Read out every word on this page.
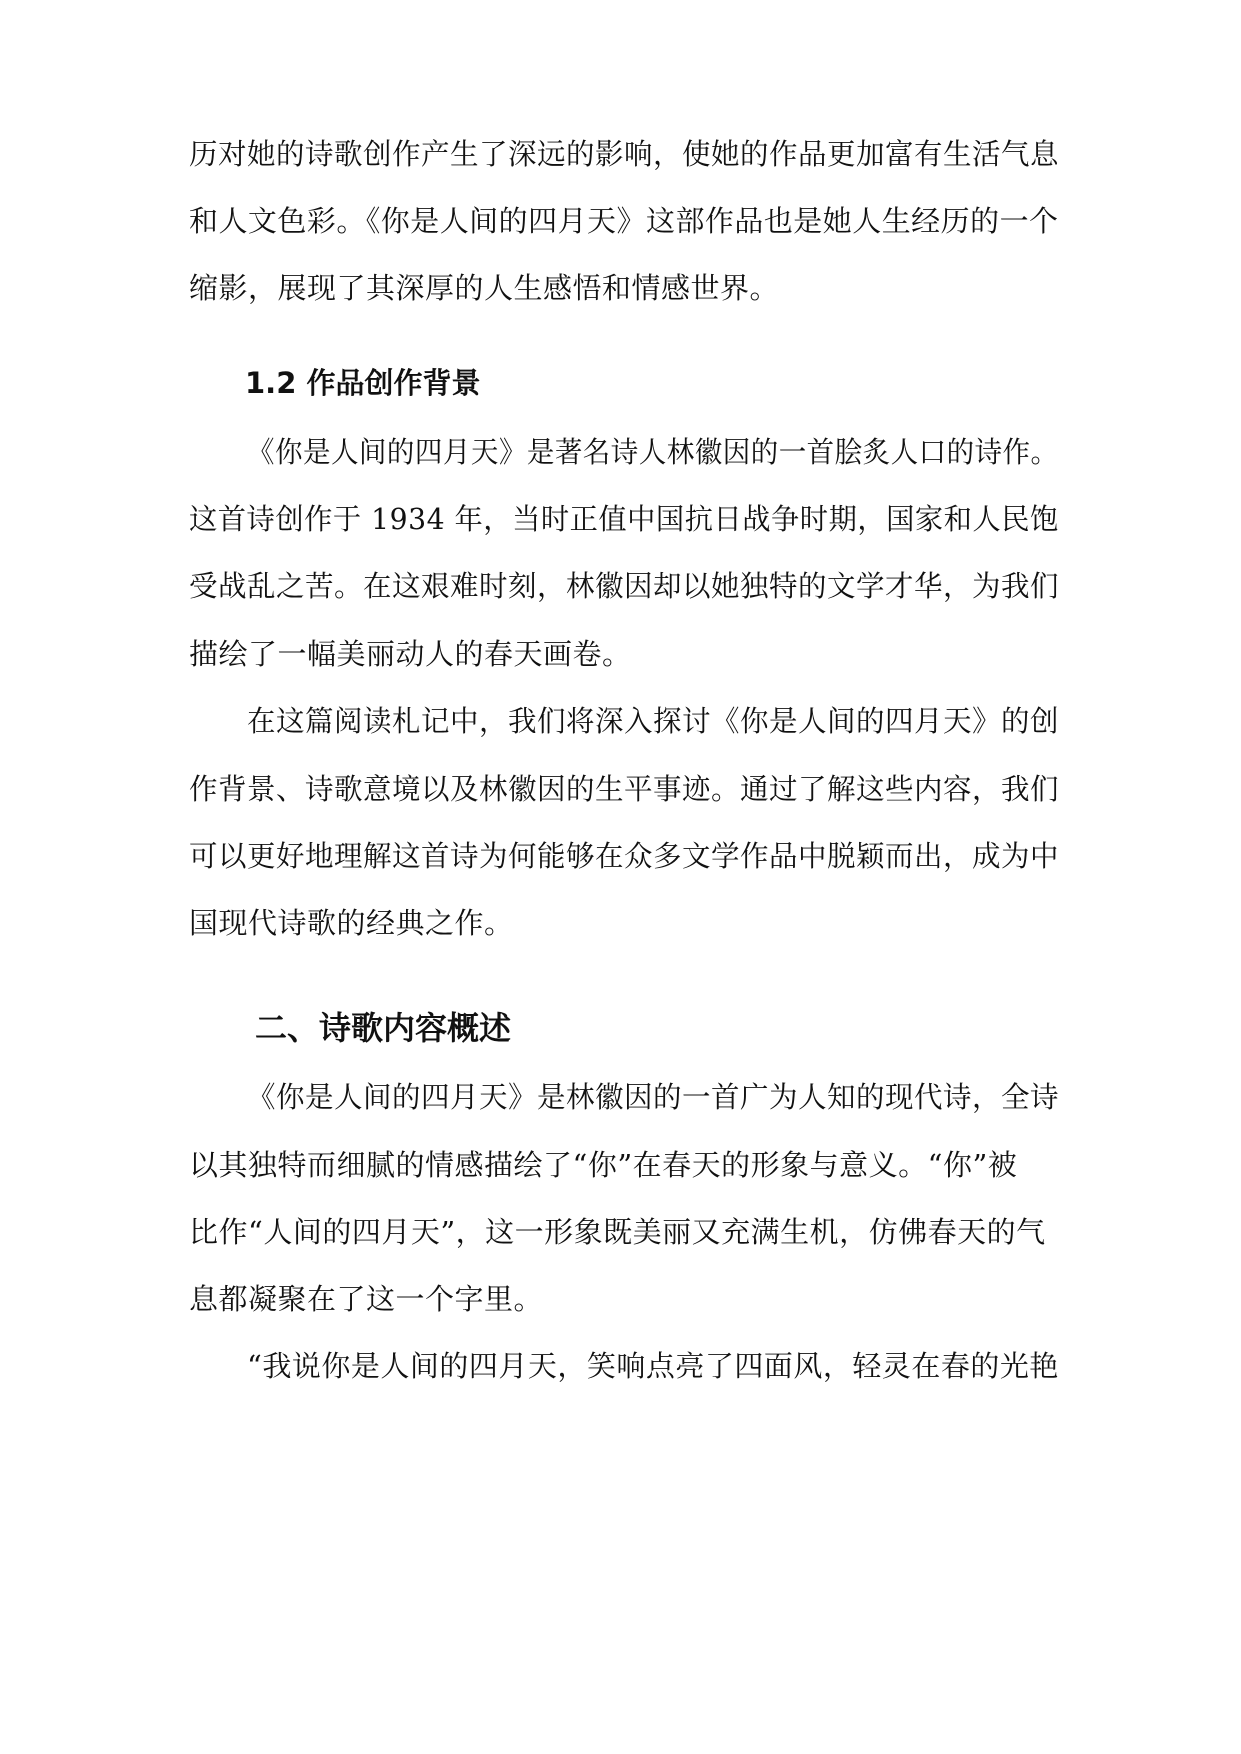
历对她的诗歌创作产生了深远的影响，使她的作品更加富有生活气息
和人文色彩。《你是人间的四月天》这部作品也是她人生经历的一个
缩影，展现了其深厚的人生感悟和情感世界。
1.2 作品创作背景
《你是人间的四月天》是著名诗人林徽因的一首脍炙人口的诗作。
这首诗创作于 1934 年，当时正值中国抗日战争时期，国家和人民饱
受战乱之苦。在这艰难时刻，林徽因却以她独特的文学才华，为我们
描绘了一幅美丽动人的春天画卷。
在这篇阅读札记中，我们将深入探讨《你是人间的四月天》的创
作背景、诗歌意境以及林徽因的生平事迹。通过了解这些内容，我们
可以更好地理解这首诗为何能够在众多文学作品中脱颖而出，成为中
国现代诗歌的经典之作。
二、诗歌内容概述
《你是人间的四月天》是林徽因的一首广为人知的现代诗，全诗
以其独特而细腻的情感描绘了“你”在春天的形象与意义。“你”被
比作“人间的四月天”，这一形象既美丽又充满生机，仿佛春天的气
息都凝聚在了这一个字里。
“我说你是人间的四月天，笑响点亮了四面风，轻灵在春的光艳
